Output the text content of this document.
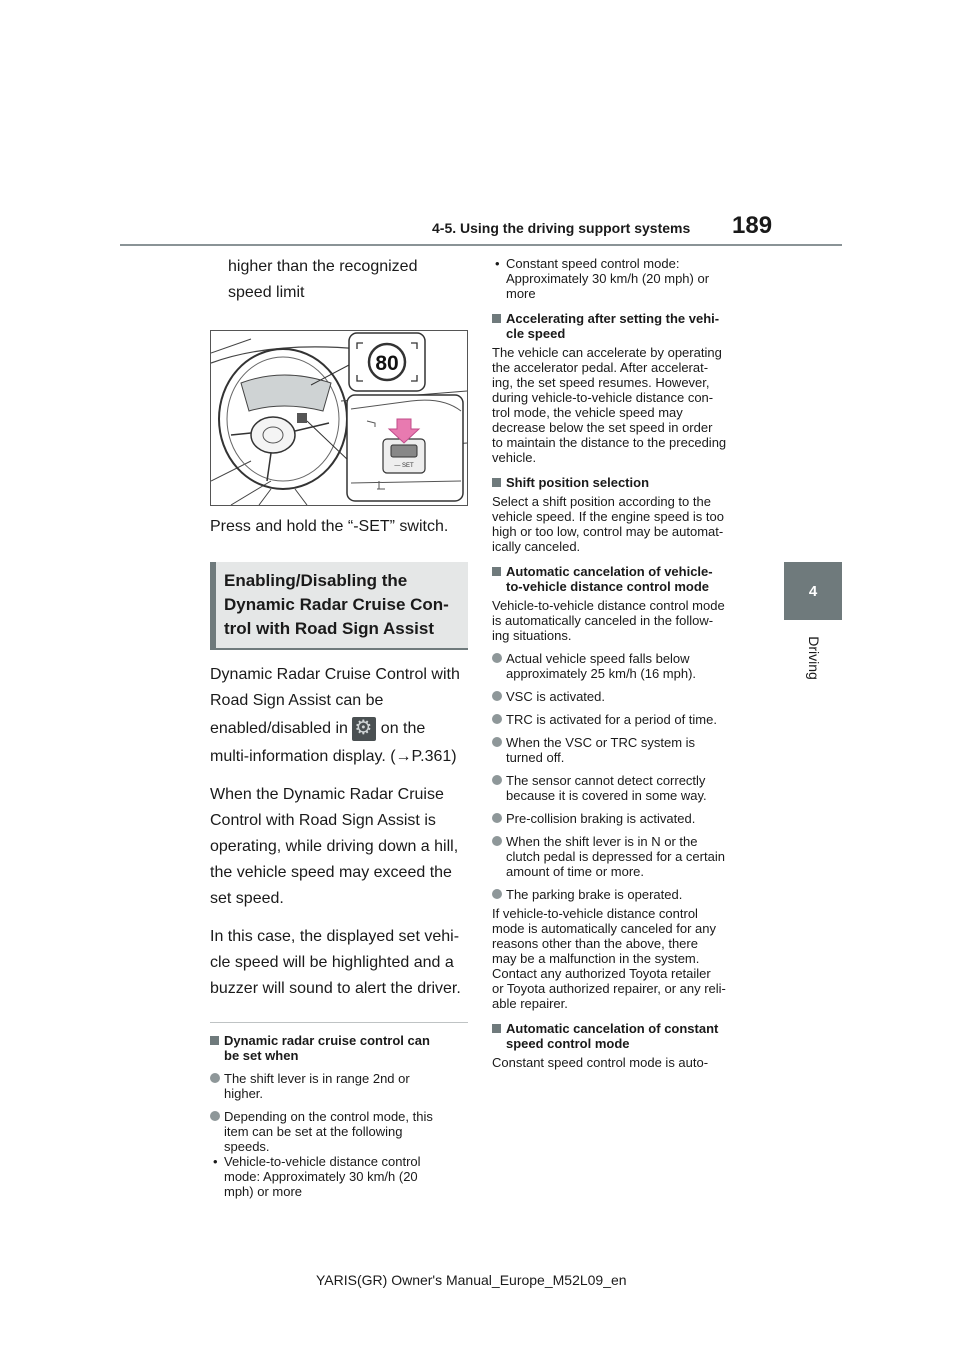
4-5. Using the driving support systems 189
4
Driving
higher than the recognized
speed limit
80
— SET
Press and hold the “-SET” switch.
Enabling/Disabling the
Dynamic Radar Cruise Con-
trol with Road Sign Assist
Dynamic Radar Cruise Control with
Road Sign Assist can be
enabled/disabled in ⚙ on the
multi-information display. (→P.361)
When the Dynamic Radar Cruise
Control with Road Sign Assist is
operating, while driving down a hill,
the vehicle speed may exceed the
set speed.
In this case, the displayed set vehi-
cle speed will be highlighted and a
buzzer will sound to alert the driver.
Dynamic radar cruise control can
be set when
The shift lever is in range 2nd or
higher.
Depending on the control mode, this
item can be set at the following
speeds.
• Vehicle-to-vehicle distance control
mode: Approximately 30 km/h (20
mph) or more
• Constant speed control mode:
Approximately 30 km/h (20 mph) or
more
Accelerating after setting the vehi-
cle speed
The vehicle can accelerate by operating
the accelerator pedal. After accelerat-
ing, the set speed resumes. However,
during vehicle-to-vehicle distance con-
trol mode, the vehicle speed may
decrease below the set speed in order
to maintain the distance to the preceding
vehicle.
Shift position selection
Select a shift position according to the
vehicle speed. If the engine speed is too
high or too low, control may be automat-
ically canceled.
Automatic cancelation of vehicle-
to-vehicle distance control mode
Vehicle-to-vehicle distance control mode
is automatically canceled in the follow-
ing situations.
Actual vehicle speed falls below
approximately 25 km/h (16 mph).
VSC is activated.
TRC is activated for a period of time.
When the VSC or TRC system is
turned off.
The sensor cannot detect correctly
because it is covered in some way.
Pre-collision braking is activated.
When the shift lever is in N or the
clutch pedal is depressed for a certain
amount of time or more.
The parking brake is operated.
If vehicle-to-vehicle distance control
mode is automatically canceled for any
reasons other than the above, there
may be a malfunction in the system.
Contact any authorized Toyota retailer
or Toyota authorized repairer, or any reli-
able repairer.
Automatic cancelation of constant
speed control mode
Constant speed control mode is auto-
YARIS(GR) Owner's Manual_Europe_M52L09_en
